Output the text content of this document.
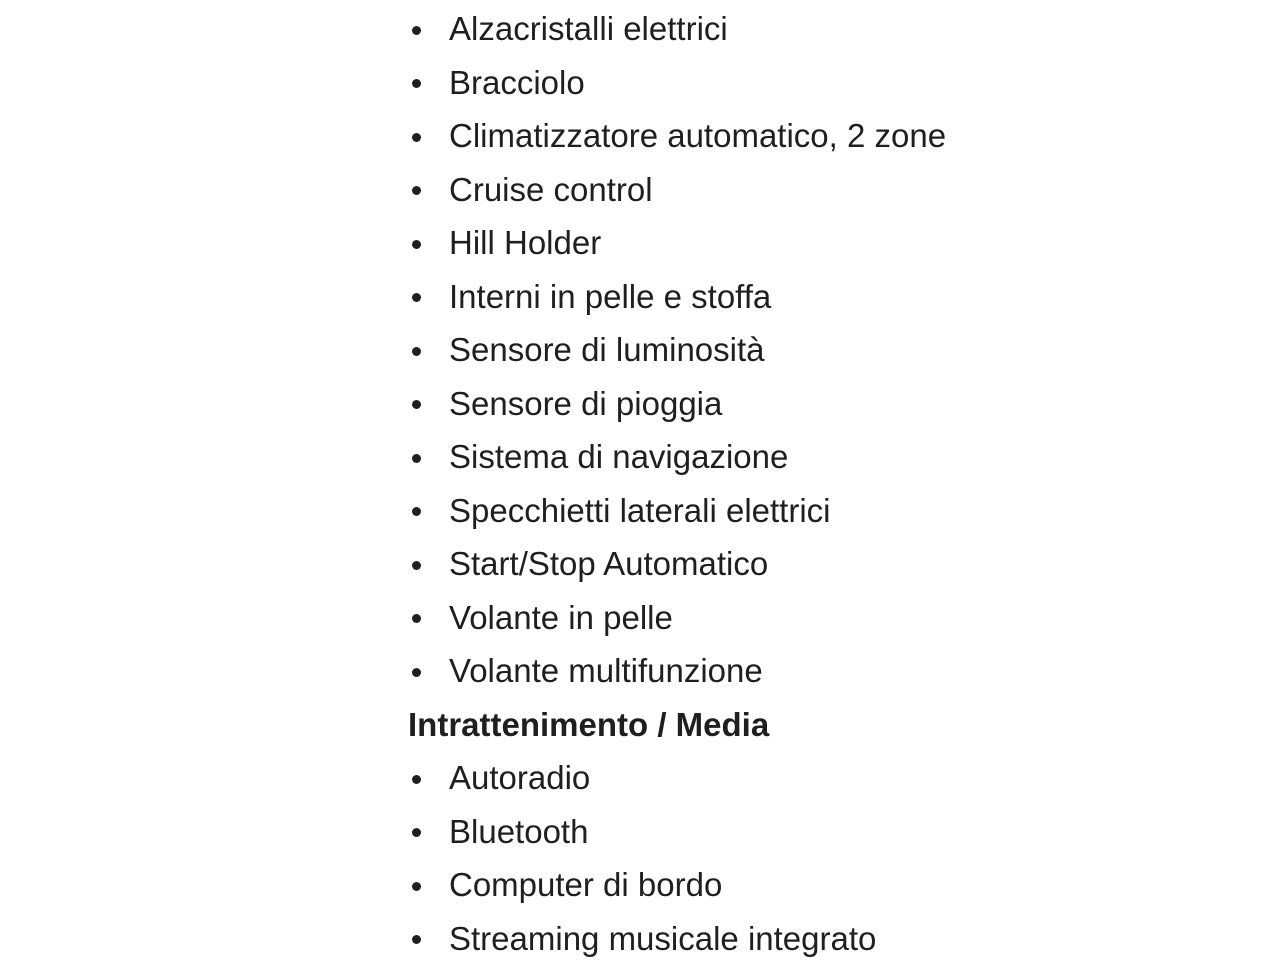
Alzacristalli elettrici
Bracciolo
Climatizzatore automatico, 2 zone
Cruise control
Hill Holder
Interni in pelle e stoffa
Sensore di luminosità
Sensore di pioggia
Sistema di navigazione
Specchietti laterali elettrici
Start/Stop Automatico
Volante in pelle
Volante multifunzione
Intrattenimento / Media
Autoradio
Bluetooth
Computer di bordo
Streaming musicale integrato
